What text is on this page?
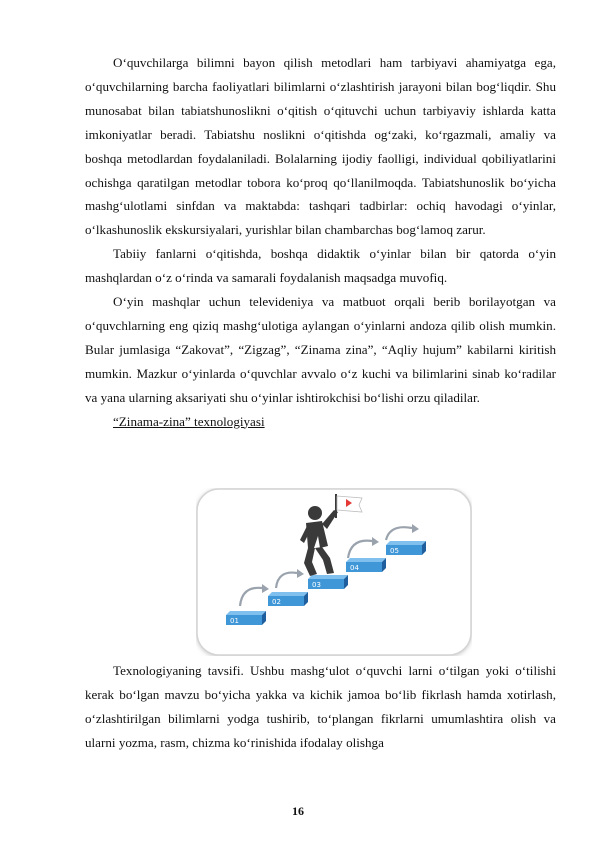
O‘quvchilarga bilimni bayon qilish metodlari ham tarbiyavi ahamiyatga ega, o‘quvchilarning barcha faoliyatlari bilimlarni o‘zlashtirish jarayoni bilan bog‘liqdir. Shu munosabat bilan tabiatshunoslikni o‘qitish o‘qituvchi uchun tarbiyaviy ishlarda katta imkoniyatlar beradi. Tabiatshu noslikni o‘qitishda og‘zaki, ko‘rgazmali, amaliy va boshqa metodlardan foydalaniladi. Bolalarning ijodiy faolligi, individual qobiliyatlarini ochishga qaratilgan metodlar tobora ko‘proq qo‘llanilmoqda. Tabiatshunoslik bo‘yicha mashg‘ulotlami sinfdan va maktabda: tashqari tadbirlar: ochiq havodagi o‘yinlar, o‘lkashunoslik ekskursiyalari, yurishlar bilan chambarchas bog‘lamoq zarur.

Tabiiy fanlarni o‘qitishda, boshqa didaktik o‘yinlar bilan bir qatorda o‘yin mashqlardan o‘z o‘rinda va samarali foydalanish maqsadga muvofiq.

O‘yin mashqlar uchun televideniya va matbuot orqali berib borilayotgan va o‘quvchlarning eng qiziq mashg‘ulotiga aylangan o‘yinlarni andoza qilib olish mumkin. Bular jumlasiga “Zakovat”, “Zigzag”, “Zinama zina”, “Aqliy hujum” kabilarni kiritish mumkin. Mazkur o‘yinlarda o‘quvchlar avvalo o‘z kuchi va bilimlarini sinab ko‘radilar va yana ularning aksariyati shu o‘yinlar ishtirokchisi bo‘lishi orzu qiladilar.

“Zinama-zina” texnologiyasi

01
02
03
04
05

Texnologiyaning tavsifi. Ushbu mashg‘ulot o‘quvchi larni o‘tilgan yoki o‘tilishi kerak bo‘lgan mavzu bo‘yicha yakka va kichik jamoa bo‘lib fikrlash hamda xotirlash, o‘zlashtirilgan bilimlarni yodga tushirib, to‘plangan fikrlarni umumlashtira olish va ularni yozma, rasm, chizma ko‘rinishida ifodalay olishga

16
